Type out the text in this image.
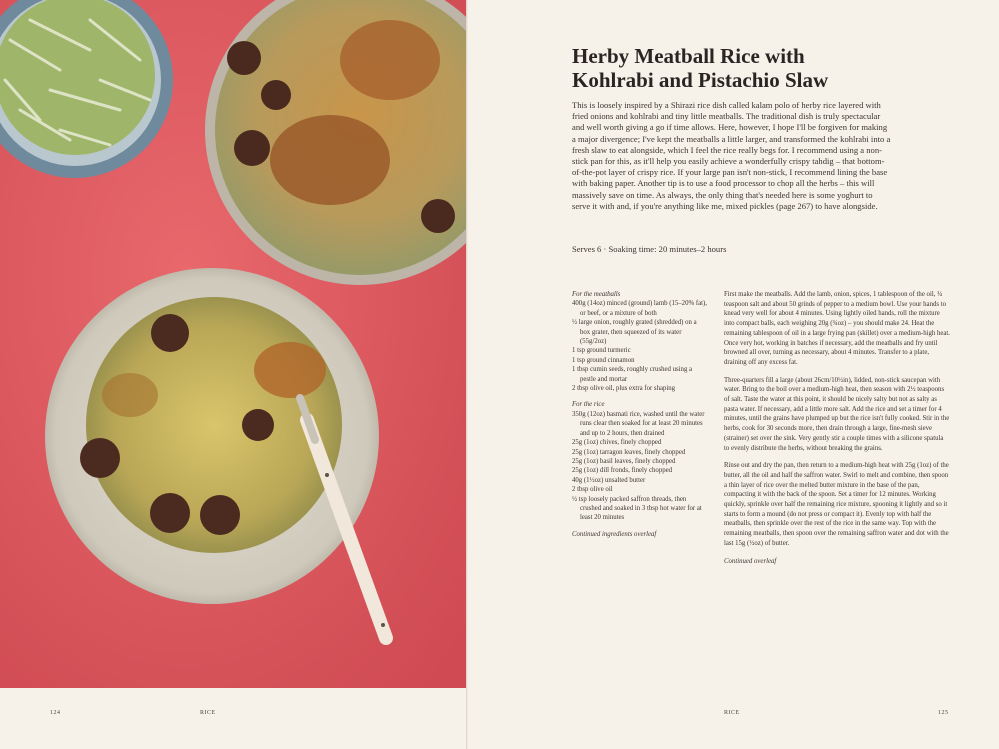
Herby Meatball Rice with
Kohlrabi and Pistachio Slaw

This is loosely inspired by a Shirazi rice dish called kalam polo of herby rice layered with fried onions and kohlrabi and tiny little meatballs. The traditional dish is truly spectacular and well worth giving a go if time allows. Here, however, I hope I'll be forgiven for making a major divergence; I've kept the meatballs a little larger, and transformed the kohlrabi into a fresh slaw to eat alongside, which I feel the rice really begs for. I recommend using a non-stick pan for this, as it'll help you easily achieve a wonderfully crispy tahdig – that bottom-of-the-pot layer of crispy rice. If your large pan isn't non-stick, I recommend lining the base with baking paper. Another tip is to use a food processor to chop all the herbs – this will massively save on time. As always, the only thing that's needed here is some yoghurt to serve it with and, if you're anything like me, mixed pickles (page 267) to have alongside.

Serves 6 · Soaking time: 20 minutes–2 hours

For the meatballs
400g (14oz) minced (ground) lamb (15–20% fat), or beef, or a mixture of both
½ large onion, roughly grated (shredded) on a box grater, then squeezed of its water (55g/2oz)
1 tsp ground turmeric
1 tsp ground cinnamon
1 tbsp cumin seeds, roughly crushed using a pestle and mortar
2 tbsp olive oil, plus extra for shaping
For the rice
350g (12oz) basmati rice, washed until the water runs clear then soaked for at least 20 minutes and up to 2 hours, then drained
25g (1oz) chives, finely chopped
25g (1oz) tarragon leaves, finely chopped
25g (1oz) basil leaves, finely chopped
25g (1oz) dill fronds, finely chopped
40g (1½oz) unsalted butter
2 tbsp olive oil
½ tsp loosely packed saffron threads, then crushed and soaked in 3 tbsp hot water for at least 20 minutes
Continued ingredients overleaf

First make the meatballs. Add the lamb, onion, spices, 1 tablespoon of the oil, ¾ teaspoon salt and about 50 grinds of pepper to a medium bowl. Use your hands to knead very well for about 4 minutes. Using lightly oiled hands, roll the mixture into compact balls, each weighing 20g (¾oz) – you should make 24. Heat the remaining tablespoon of oil in a large frying pan (skillet) over a medium-high heat. Once very hot, working in batches if necessary, add the meatballs and fry until browned all over, turning as necessary, about 4 minutes. Transfer to a plate, draining off any excess fat.

Three-quarters fill a large (about 26cm/10½in), lidded, non-stick saucepan with water. Bring to the boil over a medium-high heat, then season with 2½ teaspoons of salt. Taste the water at this point, it should be nicely salty but not as salty as pasta water. If necessary, add a little more salt. Add the rice and set a timer for 4 minutes, until the grains have plumped up but the rice isn't fully cooked. Stir in the herbs, cook for 30 seconds more, then drain through a large, fine-mesh sieve (strainer) set over the sink. Very gently stir a couple times with a silicone spatula to evenly distribute the herbs, without breaking the grains.

Rinse out and dry the pan, then return to a medium-high heat with 25g (1oz) of the butter, all the oil and half the saffron water. Swirl to melt and combine, then spoon a thin layer of rice over the melted butter mixture in the base of the pan, compacting it with the back of the spoon. Set a timer for 12 minutes. Working quickly, sprinkle over half the remaining rice mixture, spooning it lightly and so it starts to form a mound (do not press or compact it). Evenly top with half the meatballs, then sprinkle over the rest of the rice in the same way. Top with the remaining meatballs, then spoon over the remaining saffron water and dot with the last 15g (½oz) of butter.

Continued overleaf

124	RICE	RICE	125
